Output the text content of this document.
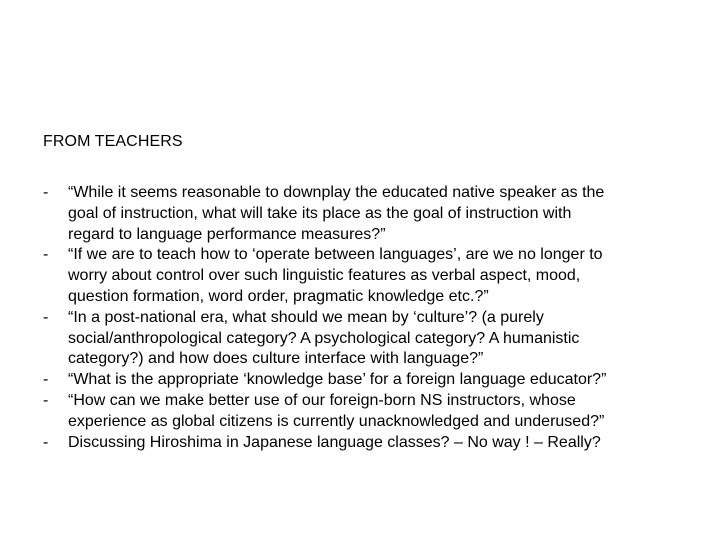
FROM TEACHERS
-	“While it seems reasonable to downplay the educated native speaker as the
goal of instruction, what will take its place as the goal of instruction with
regard to language performance measures?”
-	“If we are to teach how to ‘operate between languages’, are we no longer to
worry about control over such linguistic features as verbal aspect, mood,
question formation, word order, pragmatic knowledge etc.?”
-	“In a post-national era, what should we mean by ‘culture’? (a purely
social/anthropological category? A psychological category? A humanistic
category?) and how does culture interface with language?”
-	“What is the appropriate ‘knowledge base’ for a foreign language educator?”
-	“How can we make better use of our foreign-born NS instructors, whose
experience as global citizens is currently unacknowledged and underused?”
-	Discussing Hiroshima in Japanese language classes? – No way ! – Really?
